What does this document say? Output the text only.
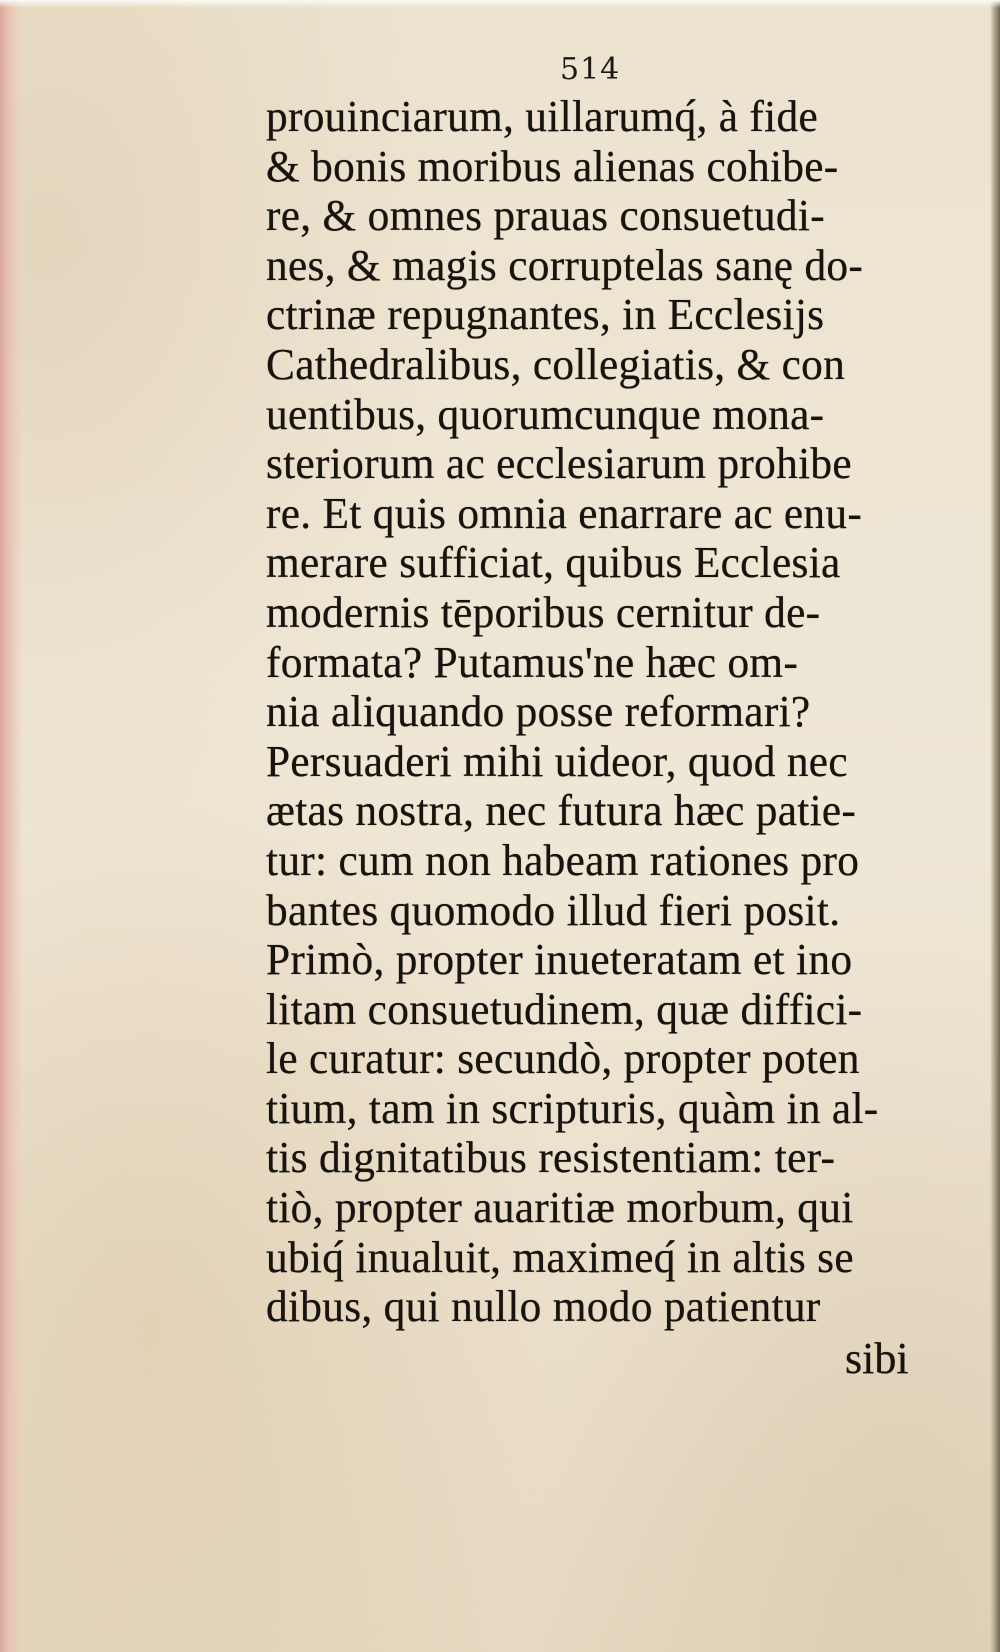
514
prouinciarum, uillarumq́, à fide
& bonis moribus alienas cohibe-
re, & omnes prauas consuetudi-
nes, & magis corruptelas sanę do-
ctrinæ repugnantes, in Ecclesijs
Cathedralibus, collegiatis, & con
uentibus, quorumcunque mona-
steriorum ac ecclesiarum prohibe
re. Et quis omnia enarrare ac enu-
merare sufficiat, quibus Ecclesia
modernis tēporibus cernitur de-
formata? Putamus'ne hæc om-
nia aliquando posse reformari?
Persuaderi mihi uideor, quod nec
ætas nostra, nec futura hæc patie-
tur: cum non habeam rationes pro
bantes quomodo illud fieri posit.
Primò, propter inueteratam et ino
litam consuetudinem, quæ diffici-
le curatur: secundò, propter poten
tium, tam in scripturis, quàm in al-
tis dignitatibus resistentiam: ter-
tiò, propter auaritiæ morbum, qui
ubiq́ inualuit, maximeq́ in altis se
dibus, qui nullo modo patientur
sibi
